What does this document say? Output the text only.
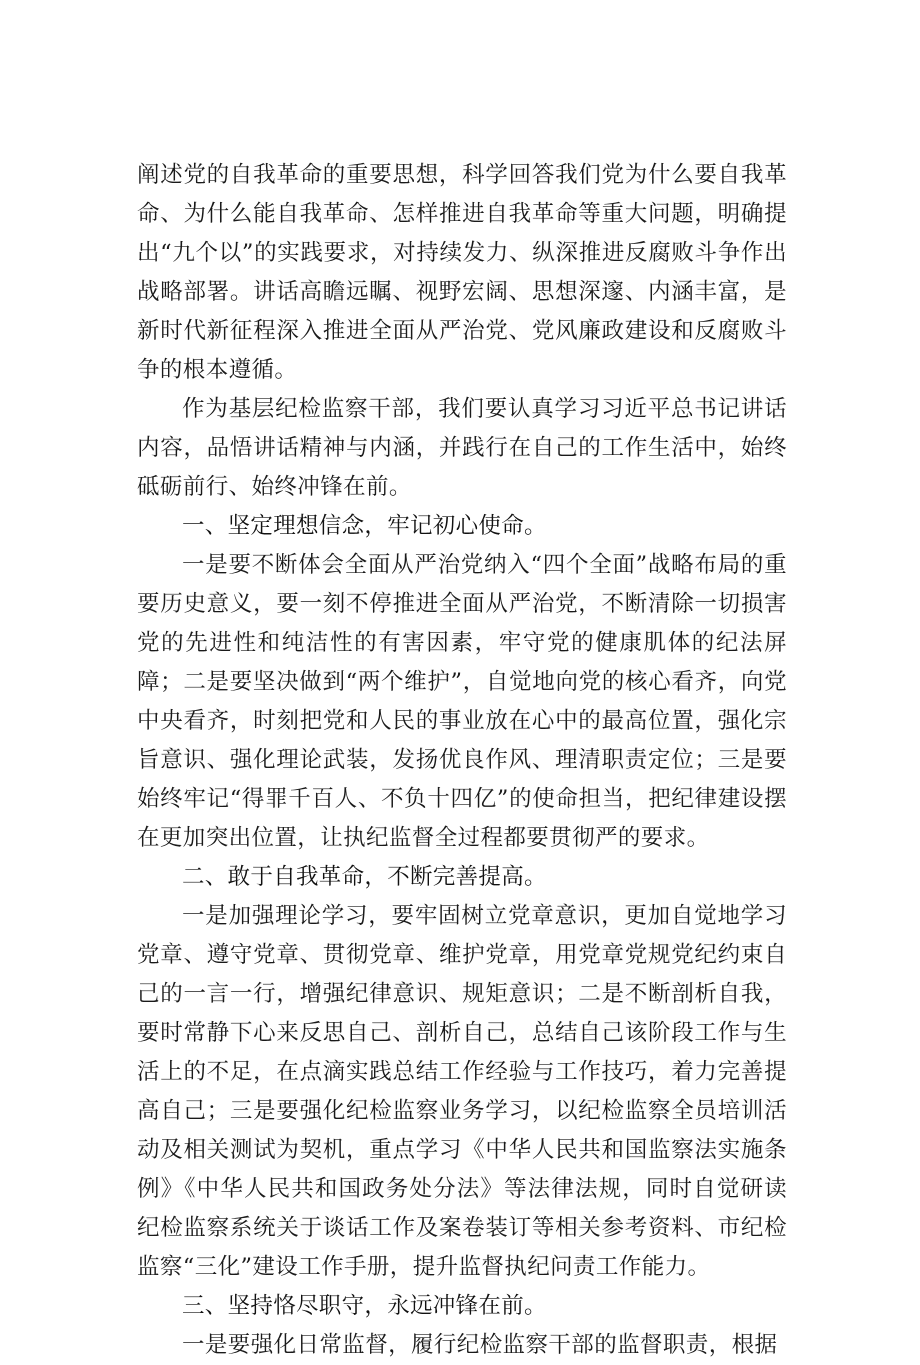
阐述党的自我革命的重要思想，科学回答我们党为什么要自我革命、为什么能自我革命、怎样推进自我革命等重大问题，明确提出“九个以”的实践要求，对持续发力、纵深推进反腐败斗争作出战略部署。讲话高瞻远瞩、视野宏阔、思想深邃、内涵丰富，是新时代新征程深入推进全面从严治党、党风廉政建设和反腐败斗争的根本遵循。

作为基层纪检监察干部，我们要认真学习习近平总书记讲话内容，品悟讲话精神与内涵，并践行在自己的工作生活中，始终砥砺前行、始终冲锋在前。

一、坚定理想信念，牢记初心使命。

一是要不断体会全面从严治党纳入“四个全面”战略布局的重要历史意义，要一刻不停推进全面从严治党，不断清除一切损害党的先进性和纯洁性的有害因素，牢守党的健康肌体的纪法屏障；二是要坚决做到“两个维护”，自觉地向党的核心看齐，向党中央看齐，时刻把党和人民的事业放在心中的最高位置，强化宗旨意识、强化理论武装，发扬优良作风、理清职责定位；三是要始终牢记“得罪千百人、不负十四亿”的使命担当，把纪律建设摆在更加突出位置，让执纪监督全过程都要贯彻严的要求。

二、敢于自我革命，不断完善提高。

一是加强理论学习，要牢固树立党章意识，更加自觉地学习党章、遵守党章、贯彻党章、维护党章，用党章党规党纪约束自己的一言一行，增强纪律意识、规矩意识；二是不断剖析自我，要时常静下心来反思自己、剖析自己，总结自己该阶段工作与生活上的不足，在点滴实践总结工作经验与工作技巧，着力完善提高自己；三是要强化纪检监察业务学习，以纪检监察全员培训活动及相关测试为契机，重点学习《中华人民共和国监察法实施条例》《中华人民共和国政务处分法》等法律法规，同时自觉研读纪检监察系统关于谈话工作及案卷装订等相关参考资料、市纪检监察“三化”建设工作手册，提升监督执纪问责工作能力。

三、坚持恪尽职守，永远冲锋在前。

一是要强化日常监督，履行纪检监察干部的监督职责，根据
